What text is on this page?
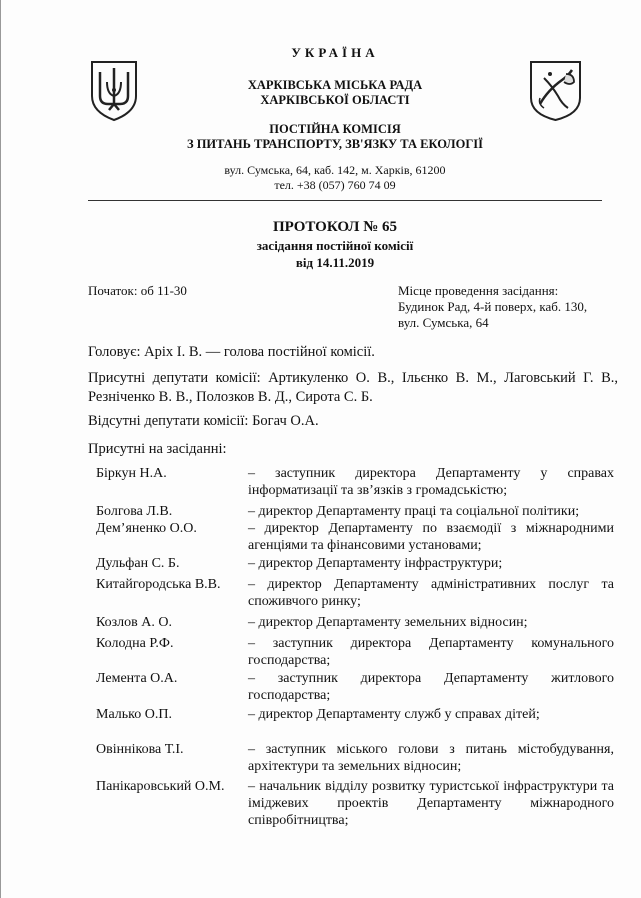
УКРАЇНА
ХАРКІВСЬКА МІСЬКА РАДА
ХАРКІВСЬКОЇ ОБЛАСТІ
ПОСТІЙНА КОМІСІЯ
З ПИТАНЬ ТРАНСПОРТУ, ЗВ'ЯЗКУ ТА ЕКОЛОГІЇ
вул. Сумська, 64, каб. 142, м. Харків, 61200
тел. +38 (057) 760 74 09
ПРОТОКОЛ № 65
засідання постійної комісії
від 14.11.2019
Початок: об 11-30	Місце проведення засідання:
Будинок Рад, 4-й поверх, каб. 130,
вул. Сумська, 64
Головує: Аріх І. В. — голова постійної комісії.
Присутні депутати комісії: Артикуленко О. В., Ільєнко В. М., Лаговський Г. В., Резніченко В. В., Полозков В. Д., Сирота С. Б.
Відсутні депутати комісії: Богач О.А.
Присутні на засіданні:
Біркун Н.А.	– заступник директора Департаменту у справах інформатизації та зв’язків з громадськістю;
Болгова Л.В.	– директор Департаменту праці та соціальної політики;
Дем’яненко О.О.	– директор Департаменту по взаємодії з міжнародними агенціями та фінансовими установами;
Дульфан С. Б.	– директор Департаменту інфраструктури;
Китайгородська В.В.	– директор Департаменту адміністративних послуг та споживчого ринку;
Козлов А. О.	– директор Департаменту земельних відносин;
Колодна Р.Ф.	– заступник директора Департаменту комунального господарства;
Лемента О.А.	– заступник директора Департаменту житлового господарства;
Малько О.П.	– директор Департаменту служб у справах дітей;
Овіннікова Т.І.	– заступник міського голови з питань містобудування, архітектури та земельних відносин;
Панікаровський О.М.	– начальник відділу розвитку туристської інфраструктури та іміджевих проектів Департаменту міжнародного співробітництва;
